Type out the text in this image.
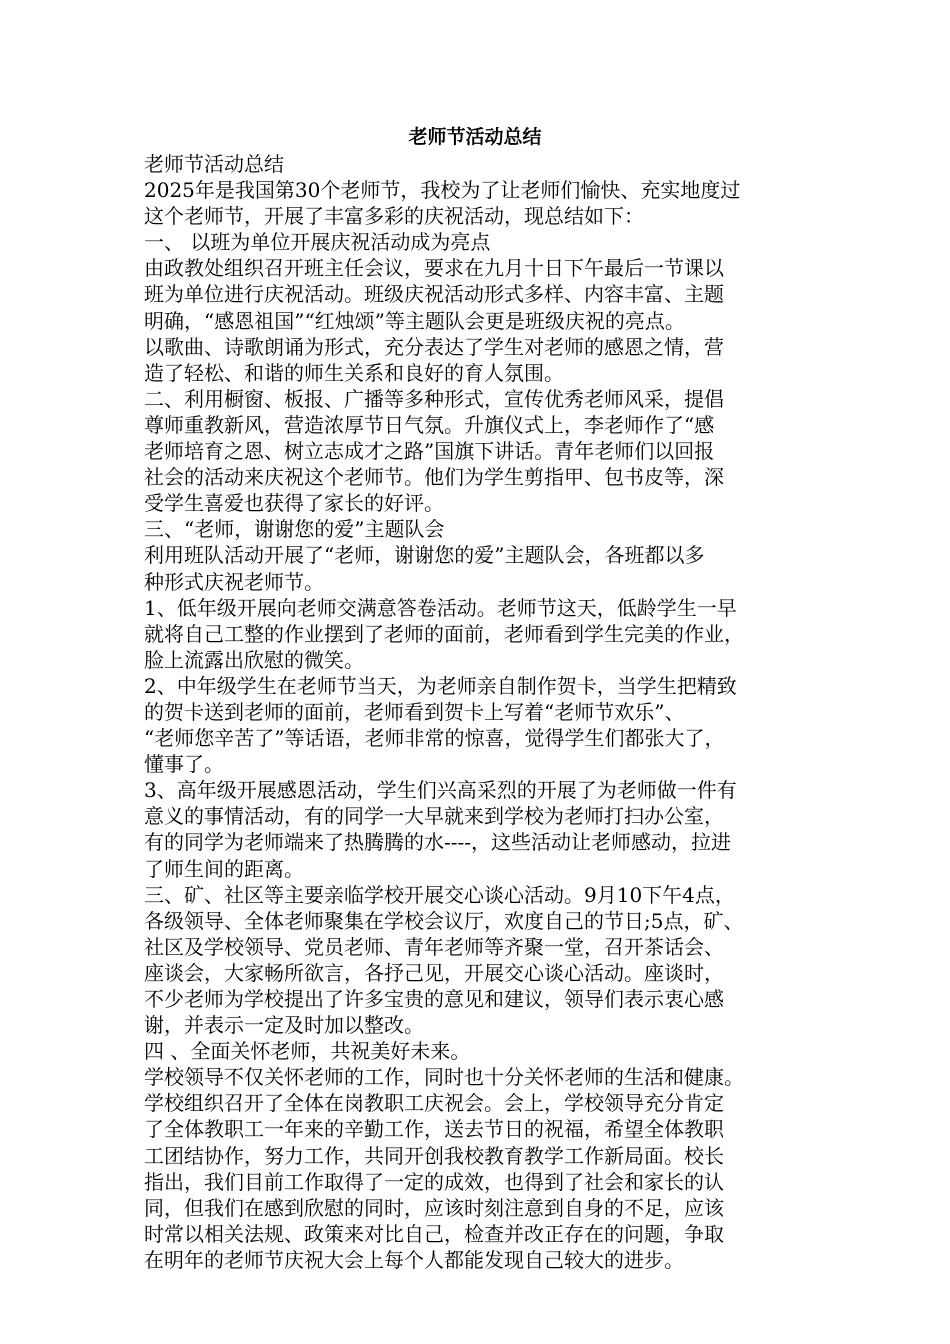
老师节活动总结
老师节活动总结
2025年是我国第30个老师节，我校为了让老师们愉快、充实地度过
这个老师节，开展了丰富多彩的庆祝活动，现总结如下：
一、 以班为单位开展庆祝活动成为亮点
由政教处组织召开班主任会议，要求在九月十日下午最后一节课以
班为单位进行庆祝活动。班级庆祝活动形式多样、内容丰富、主题
明确，“感恩祖国”“红烛颂”等主题队会更是班级庆祝的亮点。
以歌曲、诗歌朗诵为形式，充分表达了学生对老师的感恩之情，营
造了轻松、和谐的师生关系和良好的育人氛围。
二、利用橱窗、板报、广播等多种形式，宣传优秀老师风采，提倡
尊师重教新风，营造浓厚节日气氛。升旗仪式上，李老师作了“感
老师培育之恩、树立志成才之路”国旗下讲话。青年老师们以回报
社会的活动来庆祝这个老师节。他们为学生剪指甲、包书皮等，深
受学生喜爱也获得了家长的好评。
三、“老师，谢谢您的爱”主题队会
利用班队活动开展了“老师，谢谢您的爱”主题队会，各班都以多
种形式庆祝老师节。
1、低年级开展向老师交满意答卷活动。老师节这天，低龄学生一早
就将自己工整的作业摆到了老师的面前，老师看到学生完美的作业，
脸上流露出欣慰的微笑。
2、中年级学生在老师节当天，为老师亲自制作贺卡，当学生把精致
的贺卡送到老师的面前，老师看到贺卡上写着“老师节欢乐”、
“老师您辛苦了”等话语，老师非常的惊喜，觉得学生们都张大了，
懂事了。
3、高年级开展感恩活动，学生们兴高采烈的开展了为老师做一件有
意义的事情活动，有的同学一大早就来到学校为老师打扫办公室，
有的同学为老师端来了热腾腾的水----，这些活动让老师感动，拉进
了师生间的距离。
三、矿、社区等主要亲临学校开展交心谈心活动。9月10下午4点，
各级领导、全体老师聚集在学校会议厅，欢度自己的节日;5点，矿、
社区及学校领导、党员老师、青年老师等齐聚一堂，召开茶话会、
座谈会，大家畅所欲言，各抒己见，开展交心谈心活动。座谈时，
不少老师为学校提出了许多宝贵的意见和建议，领导们表示衷心感
谢，并表示一定及时加以整改。
四 、全面关怀老师，共祝美好未来。
学校领导不仅关怀老师的工作，同时也十分关怀老师的生活和健康。
学校组织召开了全体在岗教职工庆祝会。会上，学校领导充分肯定
了全体教职工一年来的辛勤工作，送去节日的祝福，希望全体教职
工团结协作，努力工作，共同开创我校教育教学工作新局面。校长
指出，我们目前工作取得了一定的成效，也得到了社会和家长的认
同，但我们在感到欣慰的同时，应该时刻注意到自身的不足，应该
时常以相关法规、政策来对比自己，检查并改正存在的问题，争取
在明年的老师节庆祝大会上每个人都能发现自己较大的进步。
